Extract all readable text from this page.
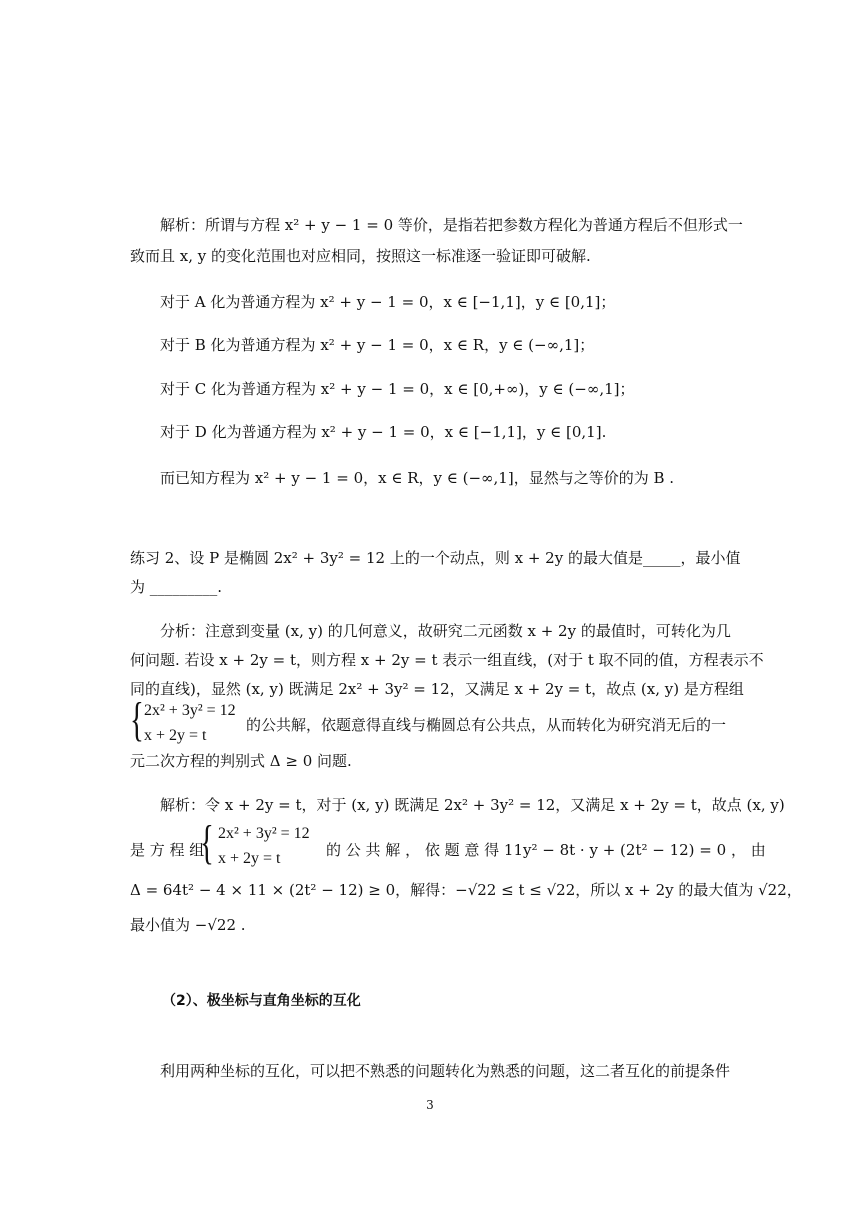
解析：所谓与方程 x² + y − 1 = 0 等价，是指若把参数方程化为普通方程后不但形式一
致而且 x, y 的变化范围也对应相同，按照这一标准逐一验证即可破解.
对于 A 化为普通方程为 x² + y − 1 = 0，x ∈ [−1,1]，y ∈ [0,1]；
对于 B 化为普通方程为 x² + y − 1 = 0，x ∈ R，y ∈ (−∞,1]；
对于 C 化为普通方程为 x² + y − 1 = 0，x ∈ [0,+∞)，y ∈ (−∞,1]；
对于 D 化为普通方程为 x² + y − 1 = 0，x ∈ [−1,1]，y ∈ [0,1].
而已知方程为 x² + y − 1 = 0，x ∈ R，y ∈ (−∞,1]，显然与之等价的为 B .
练习 2、设 P 是椭圆 2x² + 3y² = 12 上的一个动点，则 x + 2y 的最大值是_____，最小值
为 _________.
分析：注意到变量 (x, y) 的几何意义，故研究二元函数 x + 2y 的最值时，可转化为几
何问题. 若设 x + 2y = t，则方程 x + 2y = t 表示一组直线，(对于 t 取不同的值，方程表示不
同的直线)，显然 (x, y) 既满足 2x² + 3y² = 12，又满足 x + 2y = t，故点 (x, y) 是方程组
{ 2x² + 3y² = 12
x + 2y = t
的公共解，依题意得直线与椭圆总有公共点，从而转化为研究消无后的一
元二次方程的判别式 Δ ≥ 0 问题.
解析：令 x + 2y = t，对于 (x, y) 既满足 2x² + 3y² = 12，又满足 x + 2y = t，故点 (x, y)
是 方 程 组
{ 2x² + 3y² = 12
x + 2y = t	的 公 共 解 ， 依 题 意 得 11y² − 8t · y + (2t² − 12) = 0 ， 由
Δ = 64t² − 4 × 11 × (2t² − 12) ≥ 0，解得：−√22 ≤ t ≤ √22，所以 x + 2y 的最大值为 √22，
最小值为 −√22 .
（2）、极坐标与直角坐标的互化
利用两种坐标的互化，可以把不熟悉的问题转化为熟悉的问题，这二者互化的前提条件
3
